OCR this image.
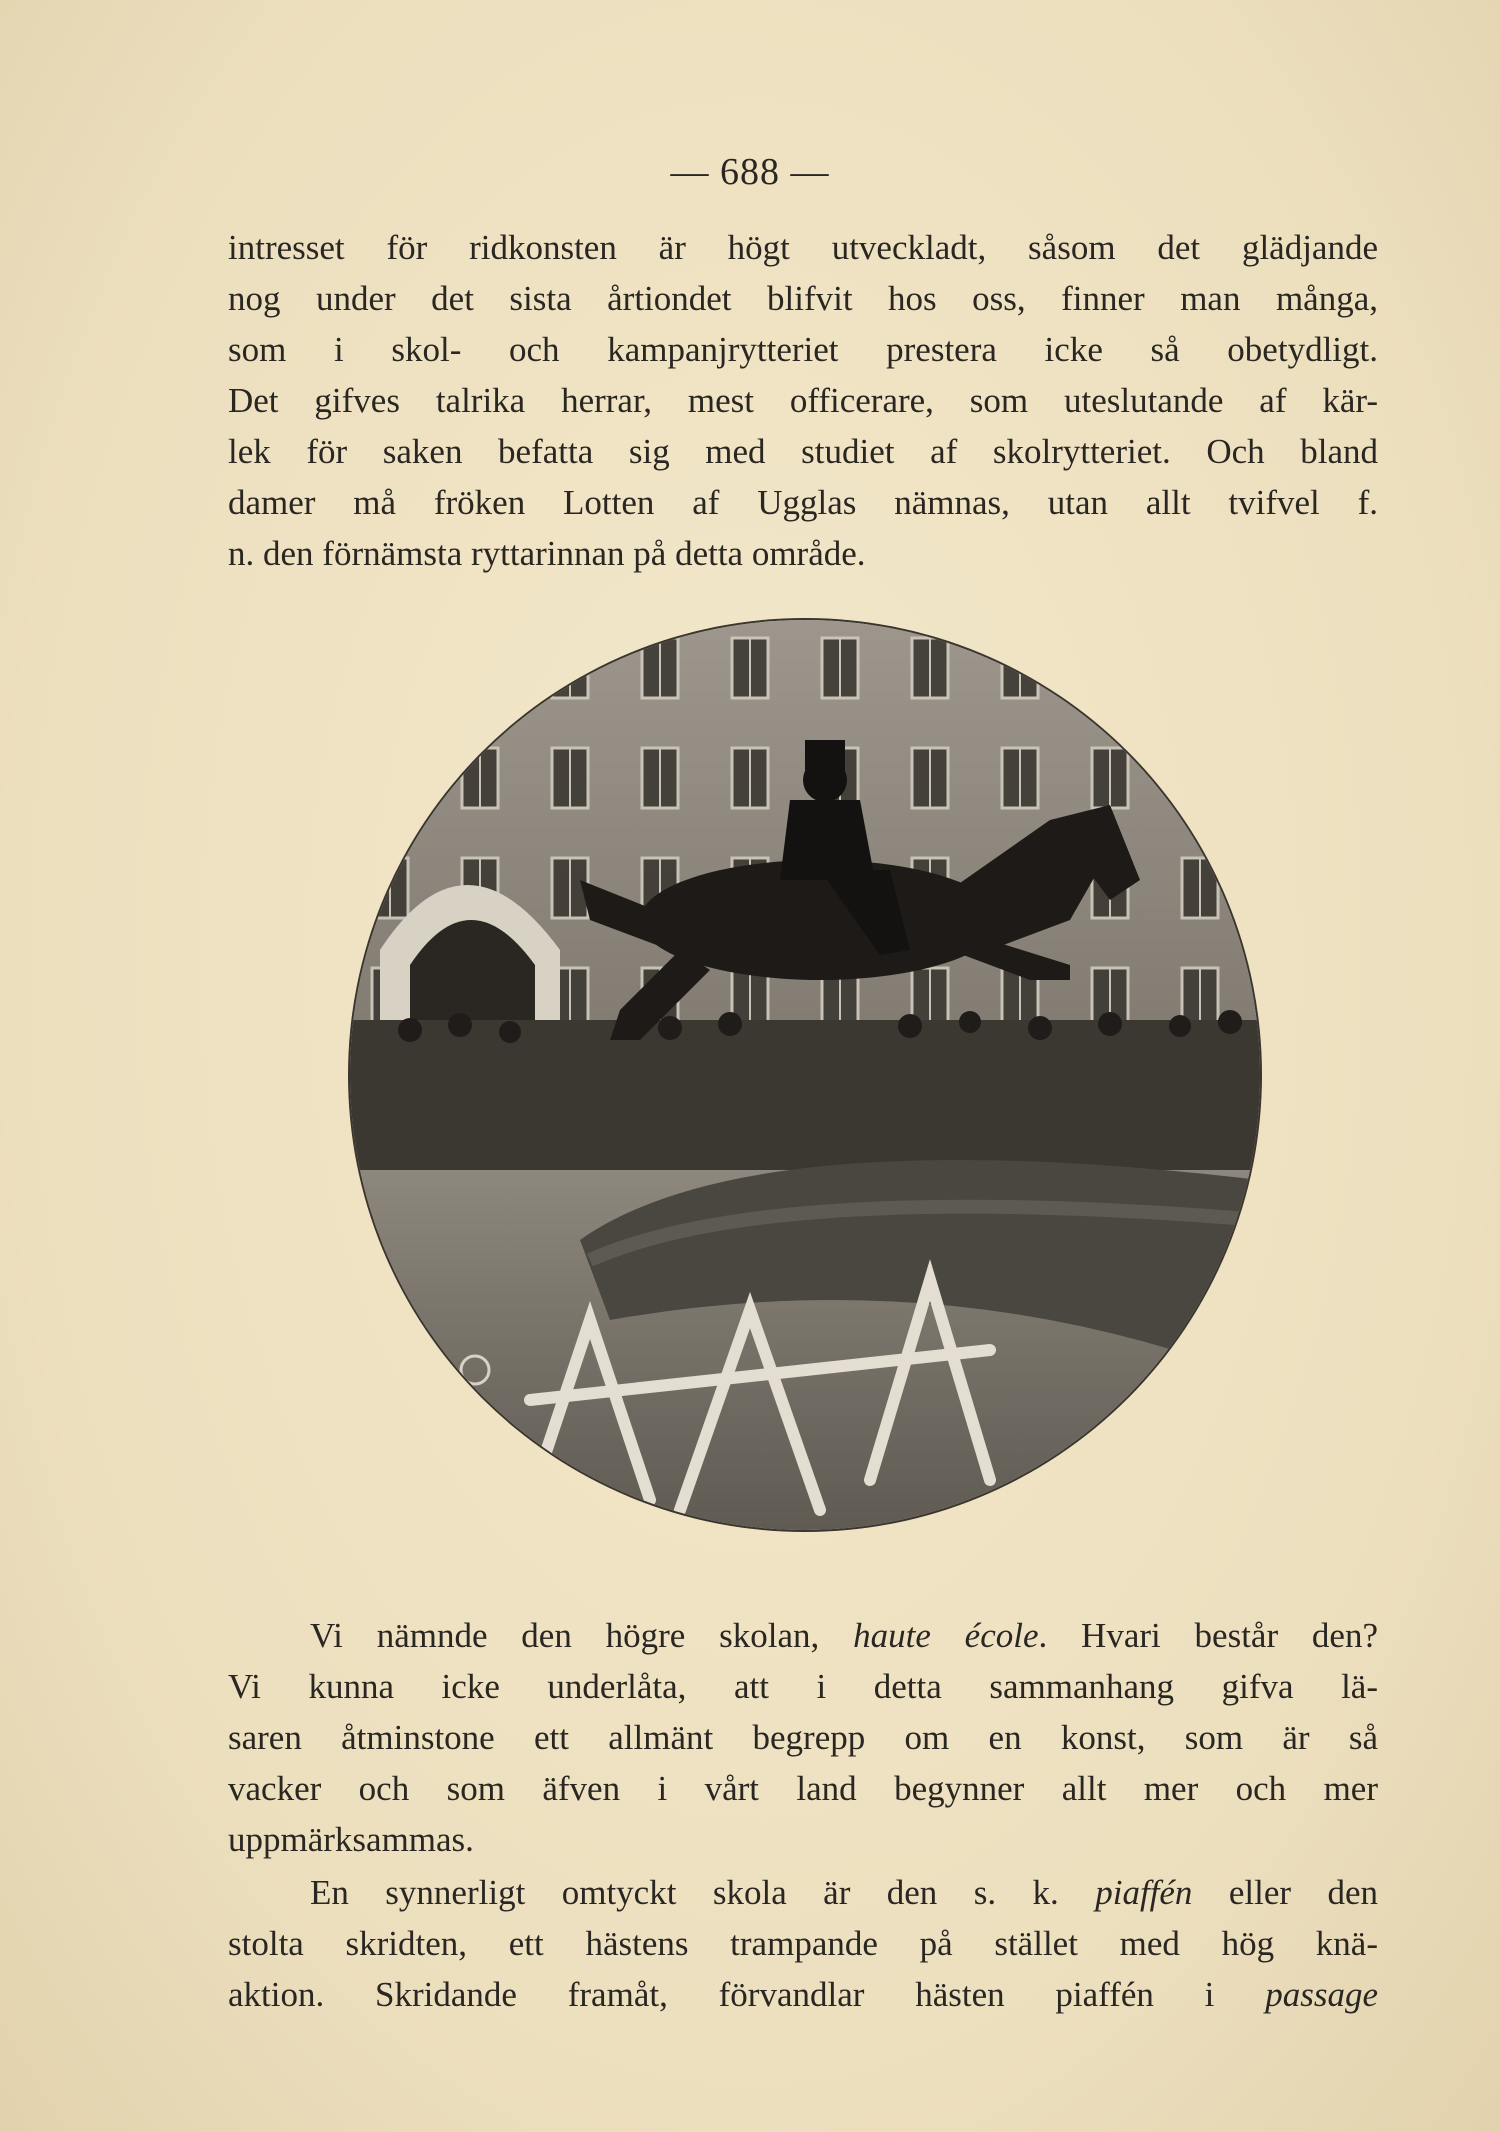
— 688 —

intresset för ridkonsten är högt utveckladt, såsom det glädjande
nog under det sista årtiondet blifvit hos oss, finner man många,
som i skol- och kampanjrytteriet prestera icke så obetydligt.
Det gifves talrika herrar, mest officerare, som uteslutande af kär-
lek för saken befatta sig med studiet af skolrytteriet. Och bland
damer må fröken Lotten af Ugglas nämnas, utan allt tvifvel f.
n. den förnämsta ryttarinnan på detta område.

Vi nämnde den högre skolan, haute école. Hvari består den?
Vi kunna icke underlåta, att i detta sammanhang gifva lä-
saren åtminstone ett allmänt begrepp om en konst, som är så
vacker och som äfven i vårt land begynner allt mer och mer
uppmärksammas.

En synnerligt omtyckt skola är den s. k. piaffén eller den
stolta skridten, ett hästens trampande på stället med hög knä-
aktion. Skridande framåt, förvandlar hästen piaffén i passage
